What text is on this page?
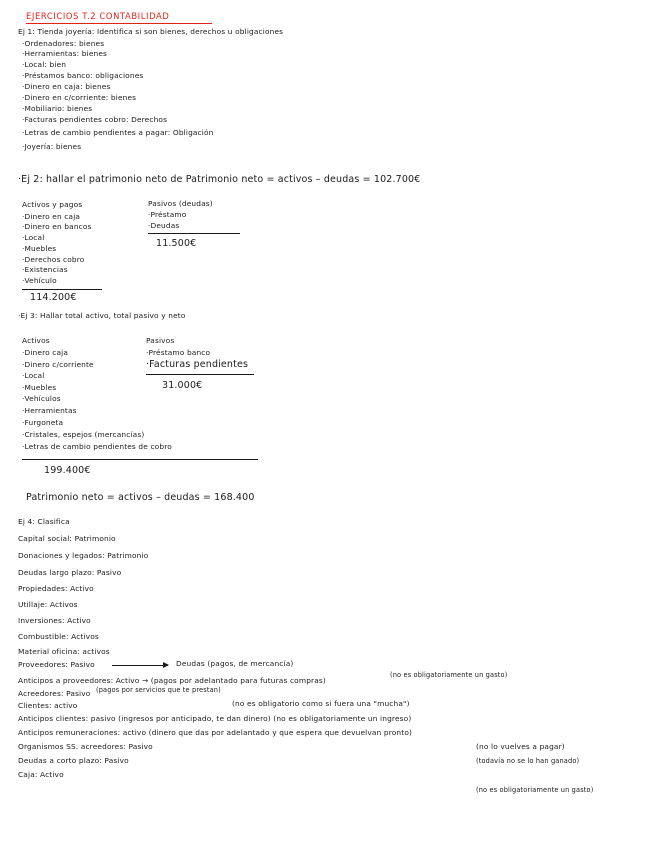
EJERCICIOS T.2 CONTABILIDAD
Ej 1: Tienda joyería: Identifica si son bienes, derechos u obligaciones
·Ordenadores: bienes
·Herramientas: bienes
·Local: bien
·Préstamos banco: obligaciones
·Dinero en caja: bienes
·Dinero en c/corriente: bienes
·Mobiliario: bienes
·Facturas pendientes cobro: Derechos
·Letras de cambio pendientes a pagar: Obligación
·Joyería: bienes
·Ej 2: hallar el patrimonio neto de Patrimonio neto = activos – deudas = 102.700€
Activos y pagos
·Dinero en caja
·Dinero en bancos
·Local
·Muebles
·Derechos cobro
·Existencias
·Vehículo
114.200€
Pasivos (deudas)
·Préstamo
·Deudas
11.500€
·Ej 3: Hallar total activo, total pasivo y neto
Activos
·Dinero caja
·Dinero c/corriente
·Local
·Muebles
·Vehículos
·Herramientas
·Furgoneta
·Cristales, espejos (mercancías)
·Letras de cambio pendientes de cobro
199.400€
Pasivos
·Préstamo banco
·Facturas pendientes
31.000€
Patrimonio neto = activos – deudas = 168.400
Ej 4: Clasifica
Capital social: Patrimonio
Donaciones y legados: Patrimonio
Deudas largo plazo: Pasivo
Propiedades: Activo
Utillaje: Activos
Inversiones: Activo
Combustible: Activos
Material oficina: activos
Proveedores: Pasivo	Deudas (pagos, de mercancía)
Anticipos a proveedores: Activo → (pagos por adelantado para futuras compras)
(no es obligatoriamente un gasto)
Acreedores: Pasivo (pagos por servicios que te prestan)
Clientes: activo	(no es obligatorio como si fuera una "mucha")
Anticipos clientes: pasivo (ingresos por anticipado, te dan dinero) (no es obligatoriamente un ingreso)
Anticipos remuneraciones: activo (dinero que das por adelantado y que espera que devuelvan pronto)
Organismos SS. acreedores: Pasivo	(no lo vuelves a pagar)
Deudas a corto plazo: Pasivo	(todavía no se lo han ganado)
Caja: Activo
(no es obligatoriamente un gasto)
